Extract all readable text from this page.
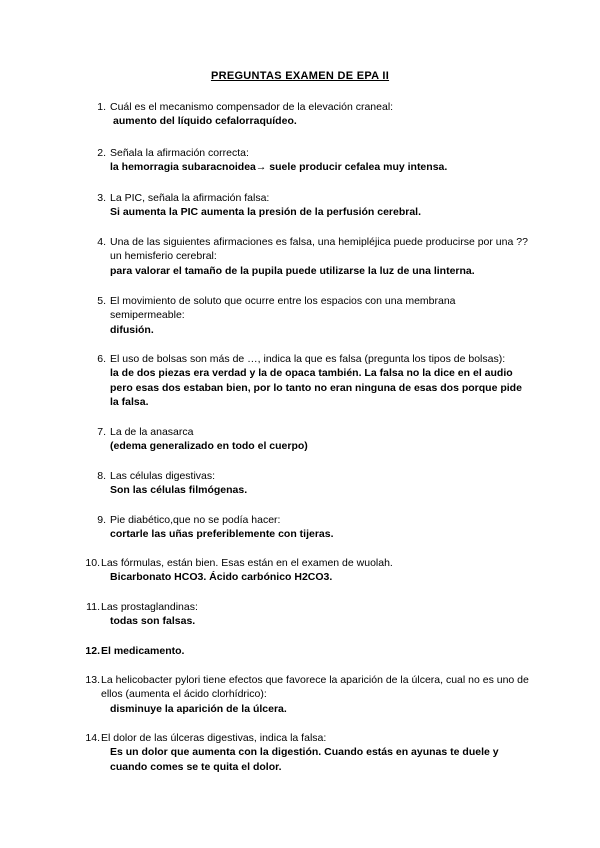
PREGUNTAS EXAMEN DE EPA II
1. Cuál es el mecanismo compensador de la elevación craneal:
aumento del líquido cefalorraquídeo.
2. Señala la afirmación correcta:
la hemorragia subaracnoidea→ suele producir cefalea muy intensa.
3. La PIC, señala la afirmación falsa:
Si aumenta la PIC aumenta la presión de la perfusión cerebral.
4. Una de las siguientes afirmaciones es falsa, una hemipléjica puede producirse por una ?? un hemisferio cerebral:
para valorar el tamaño de la pupila puede utilizarse la luz de una linterna.
5. El movimiento de soluto que ocurre entre los espacios con una membrana semipermeable:
difusión.
6. El uso de bolsas son más de …, indica la que es falsa (pregunta los tipos de bolsas):
la de dos piezas era verdad y la de opaca también. La falsa no la dice en el audio pero esas dos estaban bien, por lo tanto no eran ninguna de esas dos porque pide la falsa.
7. La de la anasarca
(edema generalizado en todo el cuerpo)
8. Las células digestivas:
Son las células filmógenas.
9. Pie diabético,que no se podía hacer:
cortarle las uñas preferiblemente con tijeras.
10. Las fórmulas, están bien. Esas están en el examen de wuolah.
Bicarbonato HCO3. Ácido carbónico H2CO3.
11. Las prostaglandinas:
todas son falsas.
12. El medicamento.
13. La helicobacter pylori tiene efectos que favorece la aparición de la úlcera, cual no es uno de ellos (aumenta el ácido clorhídrico):
disminuye la aparición de la úlcera.
14. El dolor de las úlceras digestivas, indica la falsa:
Es un dolor que aumenta con la digestión. Cuando estás en ayunas te duele y cuando comes se te quita el dolor.
